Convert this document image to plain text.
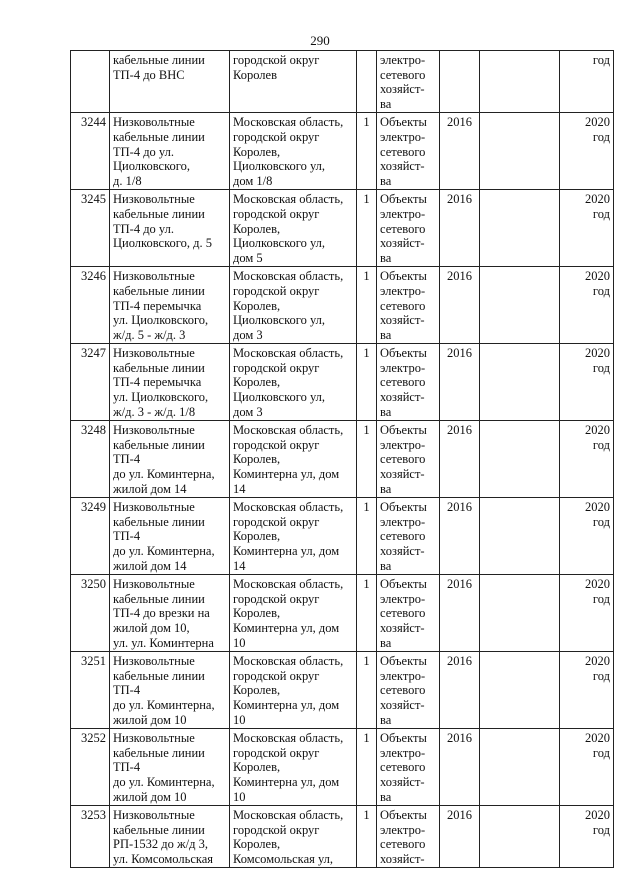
290

	кабельные линии
ТП-4 до ВНС	городской округ
Королев		электро-
сетевого
хозяйст-
ва			год

3244	Низковольтные
кабельные линии
ТП-4 до ул.
Циолковского,
д. 1/8	Московская область,
городской округ
Королев,
Циолковского ул,
дом 1/8	1	Объекты
электро-
сетевого
хозяйст-
ва	2016		2020
год

3245	Низковольтные
кабельные линии
ТП-4 до ул.
Циолковского, д. 5	Московская область,
городской округ
Королев,
Циолковского ул,
дом 5	1	Объекты
электро-
сетевого
хозяйст-
ва	2016		2020
год

3246	Низковольтные
кабельные линии
ТП-4 перемычка
ул. Циолковского,
ж/д. 5 - ж/д. 3	Московская область,
городской округ
Королев,
Циолковского ул,
дом 3	1	Объекты
электро-
сетевого
хозяйст-
ва	2016		2020
год

3247	Низковольтные
кабельные линии
ТП-4 перемычка
ул. Циолковского,
ж/д. 3 - ж/д. 1/8	Московская область,
городской округ
Королев,
Циолковского ул,
дом 3	1	Объекты
электро-
сетевого
хозяйст-
ва	2016		2020
год

3248	Низковольтные
кабельные линии
ТП-4
до ул. Коминтерна,
жилой дом 14	Московская область,
городской округ
Королев,
Коминтерна ул, дом
14	1	Объекты
электро-
сетевого
хозяйст-
ва	2016		2020
год

3249	Низковольтные
кабельные линии
ТП-4
до ул. Коминтерна,
жилой дом 14	Московская область,
городской округ
Королев,
Коминтерна ул, дом
14	1	Объекты
электро-
сетевого
хозяйст-
ва	2016		2020
год

3250	Низковольтные
кабельные линии
ТП-4 до врезки на
жилой дом 10,
ул. ул. Коминтерна	Московская область,
городской округ
Королев,
Коминтерна ул, дом
10	1	Объекты
электро-
сетевого
хозяйст-
ва	2016		2020
год

3251	Низковольтные
кабельные линии
ТП-4
до ул. Коминтерна,
жилой дом 10	Московская область,
городской округ
Королев,
Коминтерна ул, дом
10	1	Объекты
электро-
сетевого
хозяйст-
ва	2016		2020
год

3252	Низковольтные
кабельные линии
ТП-4
до ул. Коминтерна,
жилой дом 10	Московская область,
городской округ
Королев,
Коминтерна ул, дом
10	1	Объекты
электро-
сетевого
хозяйст-
ва	2016		2020
год

3253	Низковольтные
кабельные линии
РП-1532 до ж/д 3,
ул. Комсомольская	Московская область,
городской округ
Королев,
Комсомольская ул,	1	Объекты
электро-
сетевого
хозяйст-	2016		2020
год
